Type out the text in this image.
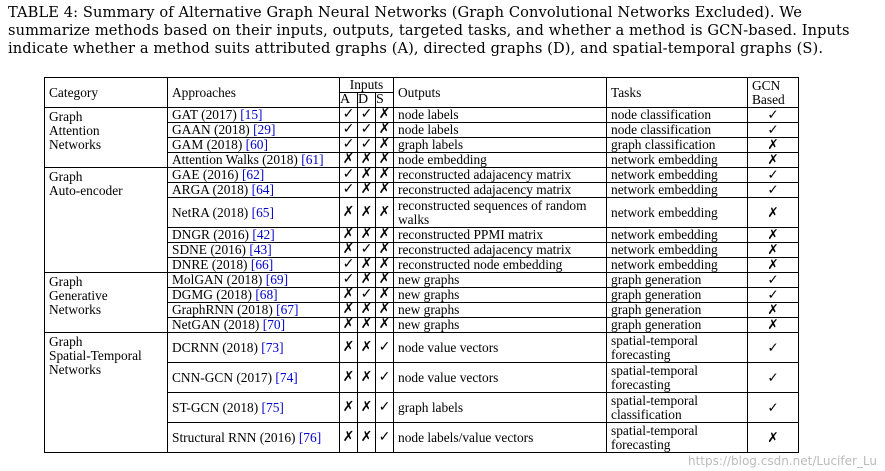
TABLE 4: Summary of Alternative Graph Neural Networks (Graph Convolutional Networks Excluded). We summarize methods based on their inputs, outputs, targeted tasks, and whether a method is GCN-based. Inputs indicate whether a method suits attributed graphs (A), directed graphs (D), and spatial-temporal graphs (S).
Category	Approaches	Inputs			Outputs	Tasks	GCN
Based
		A	D	S			

Graph
Attention
Networks	GAT (2017) [15]	✓	✓	✗	node labels	node classification	✓
	GAAN (2018) [29]	✓	✓	✗	node labels	node classification	✓
	GAM (2018) [60]	✓	✓	✗	graph labels	graph classification	✗
	Attention Walks (2018) [61]	✗	✗	✗	node embedding	network embedding	✗

Graph
Auto-encoder	GAE (2016) [62]	✓	✗	✗	reconstructed adajacency matrix	network embedding	✓
	ARGA (2018) [64]	✓	✗	✗	reconstructed adajacency matrix	network embedding	✓
	NetRA (2018) [65]	✗	✗	✗	reconstructed sequences of random walks	network embedding	✗
	DNGR (2016) [42]	✗	✗	✗	reconstructed PPMI matrix	network embedding	✗
	SDNE (2016) [43]	✗	✓	✗	reconstructed adajacency matrix	network embedding	✗
	DNRE (2018) [66]	✓	✗	✗	reconstructed node embedding	network embedding	✗

Graph
Generative
Networks	MolGAN (2018) [69]	✓	✗	✗	new graphs	graph generation	✓
	DGMG (2018) [68]	✗	✓	✗	new graphs	graph generation	✓
	GraphRNN (2018) [67]	✗	✗	✗	new graphs	graph generation	✗
	NetGAN (2018) [70]	✗	✗	✗	new graphs	graph generation	✗

Graph
Spatial-Temporal
Networks	DCRNN (2018) [73]	✗	✗	✓	node value vectors	spatial-temporal forecasting	✓
	CNN-GCN (2017) [74]	✗	✗	✓	node value vectors	spatial-temporal forecasting	✓
	ST-GCN (2018) [75]	✗	✗	✓	graph labels	spatial-temporal classification	✓
	Structural RNN (2016) [76]	✗	✗	✓	node labels/value vectors	spatial-temporal forecasting	✗
https://blog.csdn.net/Lucifer_Lu
